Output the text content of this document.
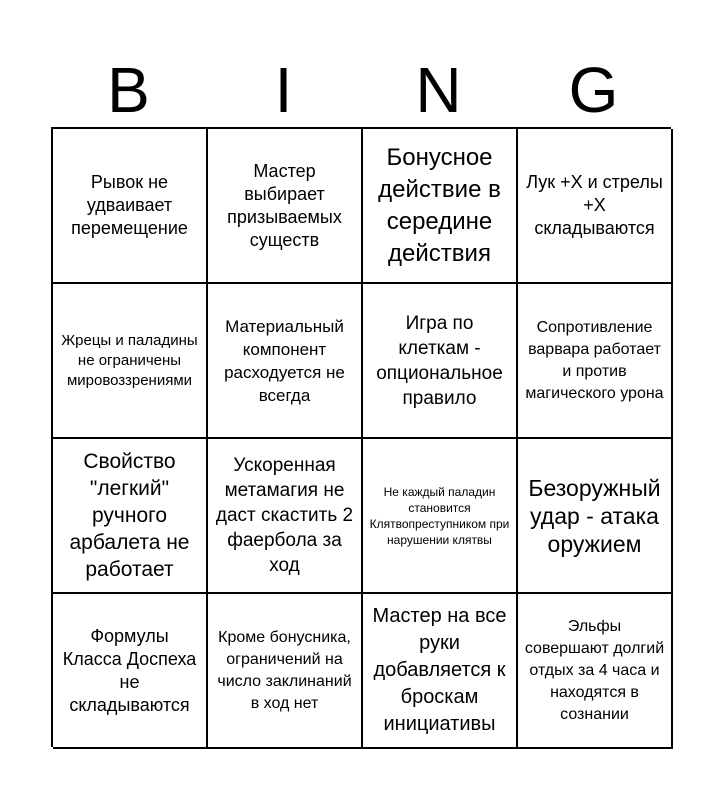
B	I	N	G
Рывок не удваивает перемещение
Мастер выбирает призываемых существ
Бонусное действие в середине действия
Лук +X и стрелы +X складываются
Жрецы и паладины не ограничены мировоззрениями
Материальный компонент расходуется не всегда
Игра по клеткам - опциональное правило
Сопротивление варвара работает и против магического урона
Свойство "легкий" ручного арбалета не работает
Ускоренная метамагия не даст скастить 2 фаербола за ход
Не каждый паладин становится Клятвопреступником при нарушении клятвы
Безоружный удар - атака оружием
Формулы Класса Доспеха не складываются
Кроме бонусника, ограничений на число заклинаний в ход нет
Мастер на все руки добавляется к броскам инициативы
Эльфы совершают долгий отдых за 4 часа и находятся в сознании
